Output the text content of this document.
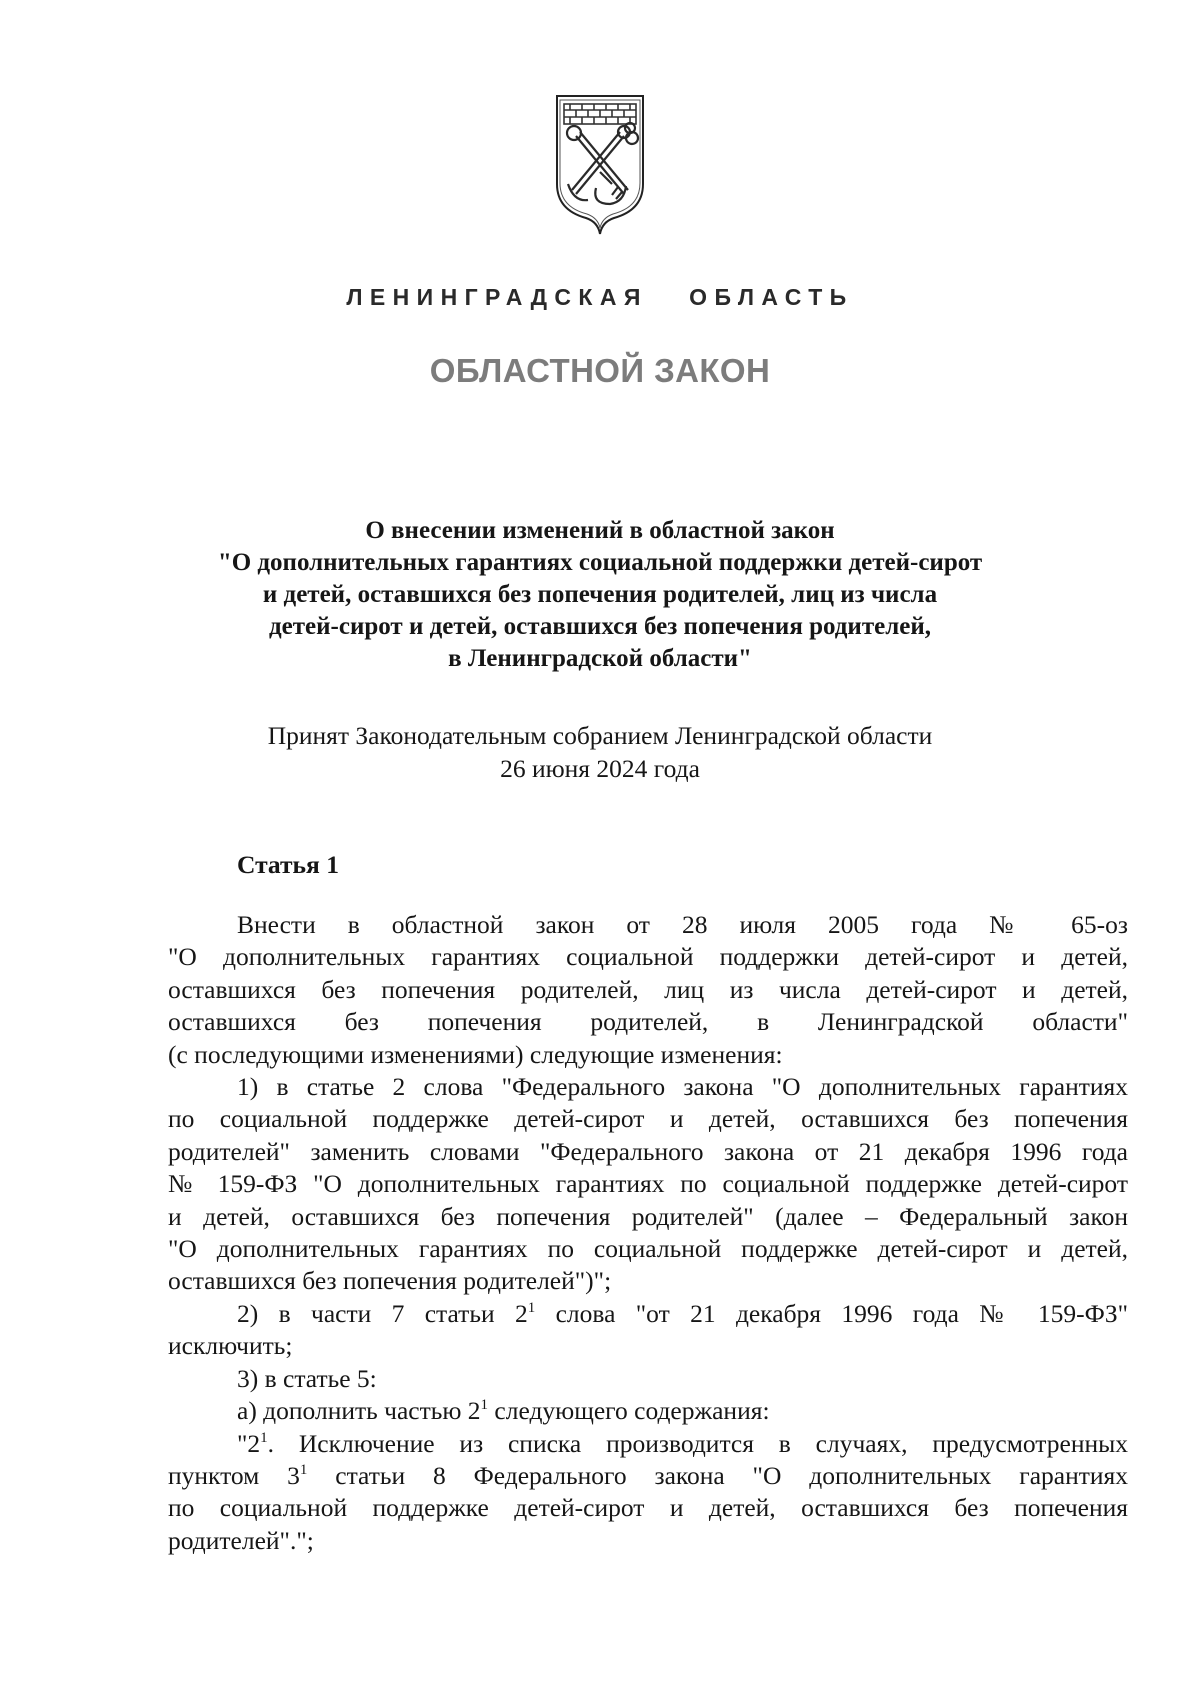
ЛЕНИНГРАДСКАЯ   ОБЛАСТЬ
ОБЛАСТНОЙ ЗАКОН
О внесении изменений в областной закон
"О дополнительных гарантиях социальной поддержки детей-сирот
и детей, оставшихся без попечения родителей, лиц из числа
детей-сирот и детей, оставшихся без попечения родителей,
в Ленинградской области"
Принят Законодательным собранием Ленинградской области
26 июня 2024 года
Статья 1
Внести в областной закон от 28 июля 2005 года № 65-оз
"О дополнительных гарантиях социальной поддержки детей-сирот и детей,
оставшихся без попечения родителей, лиц из числа детей-сирот и детей,
оставшихся без попечения родителей, в Ленинградской области"
(с последующими изменениями) следующие изменения:
1) в статье 2 слова "Федерального закона "О дополнительных гарантиях
по социальной поддержке детей-сирот и детей, оставшихся без попечения
родителей" заменить словами "Федерального закона от 21 декабря 1996 года
№ 159-ФЗ "О дополнительных гарантиях по социальной поддержке детей-сирот
и детей, оставшихся без попечения родителей" (далее – Федеральный закон
"О дополнительных гарантиях по социальной поддержке детей-сирот и детей,
оставшихся без попечения родителей")";
2) в части 7 статьи $2^1$ слова "от 21 декабря 1996 года № 159-ФЗ"
исключить;
3) в статье 5:
а) дополнить частью $2^1$ следующего содержания:
"$2^1$. Исключение из списка производится в случаях, предусмотренных
пунктом $3^1$ статьи 8 Федерального закона "О дополнительных гарантиях
по социальной поддержке детей-сирот и детей, оставшихся без попечения
родителей".";
